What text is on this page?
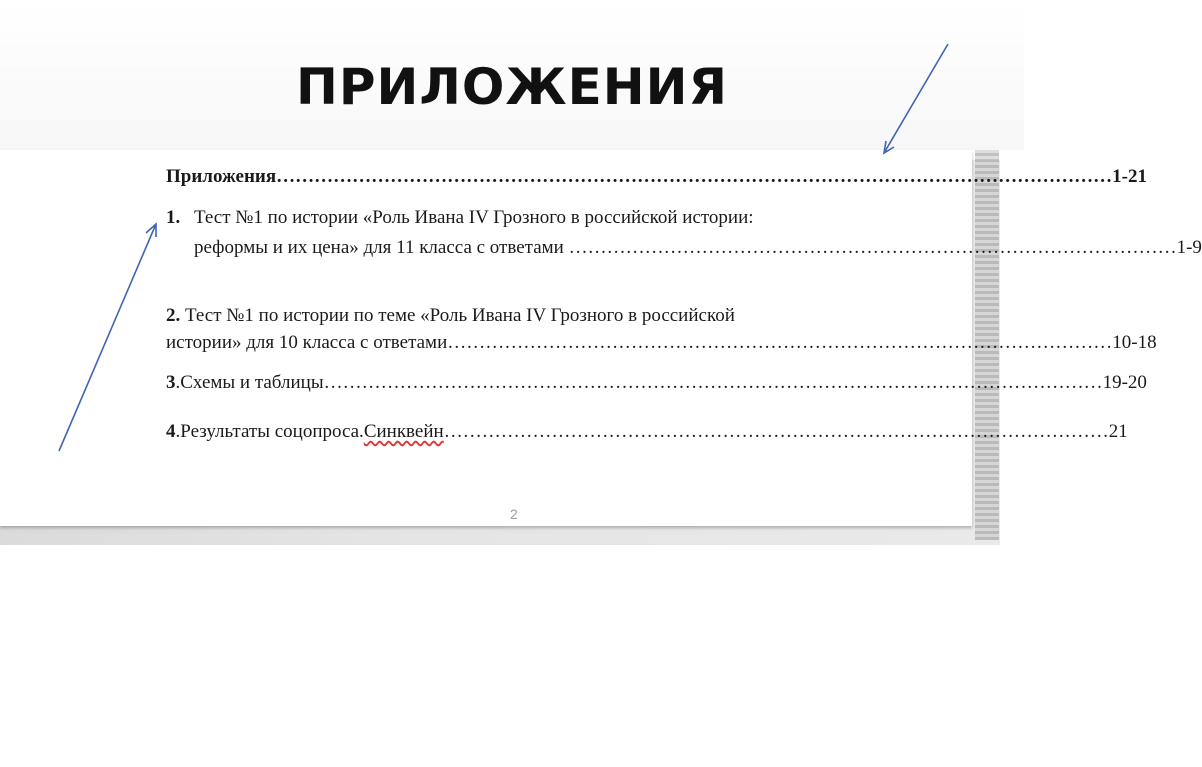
ПРИЛОЖЕНИЯ
Приложения …………………………………………………………………………………………………………………… 1-21
1. Тест №1 по истории «Роль Ивана IV Грозного в российской истории:
реформы и их цена» для 11 класса с ответами …………………………………………………………………………………… 1-9
2. Тест №1 по истории по теме «Роль Ивана IV Грозного в российской
истории» для 10 класса с ответами …………………………………………………………………………………………… 10-18
3 .Схемы и таблицы …………………………………………………………………………………………………………… 19-20
4 .Результаты соцопроса. Синквейн …………………………………………………………………………………………… 21
2
